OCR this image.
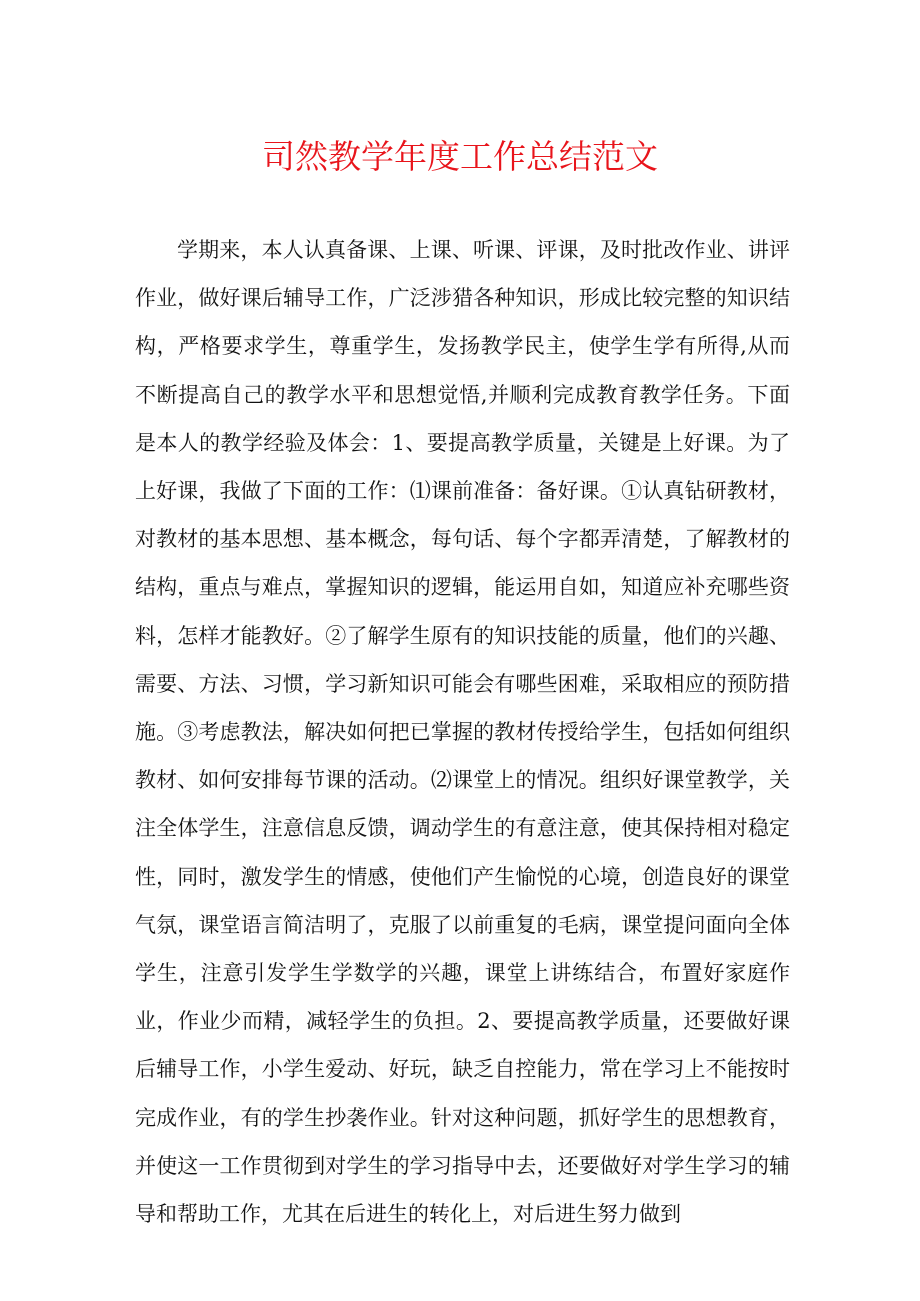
司然教学年度工作总结范文

学期来，本人认真备课、上课、听课、评课，及时批改作业、讲评作业，做好课后辅导工作，广泛涉猎各种知识，形成比较完整的知识结构，严格要求学生，尊重学生，发扬教学民主，使学生学有所得,从而不断提高自己的教学水平和思想觉悟,并顺利完成教育教学任务。下面是本人的教学经验及体会：1、要提高教学质量，关键是上好课。为了上好课，我做了下面的工作：⑴课前准备：备好课。①认真钻研教材，对教材的基本思想、基本概念，每句话、每个字都弄清楚，了解教材的结构，重点与难点，掌握知识的逻辑，能运用自如，知道应补充哪些资料，怎样才能教好。②了解学生原有的知识技能的质量，他们的兴趣、需要、方法、习惯，学习新知识可能会有哪些困难，采取相应的预防措施。③考虑教法，解决如何把已掌握的教材传授给学生，包括如何组织教材、如何安排每节课的活动。⑵课堂上的情况。组织好课堂教学，关注全体学生，注意信息反馈，调动学生的有意注意，使其保持相对稳定性，同时，激发学生的情感，使他们产生愉悦的心境，创造良好的课堂气氛，课堂语言简洁明了，克服了以前重复的毛病，课堂提问面向全体学生，注意引发学生学数学的兴趣，课堂上讲练结合，布置好家庭作业，作业少而精，减轻学生的负担。2、要提高教学质量，还要做好课后辅导工作，小学生爱动、好玩，缺乏自控能力，常在学习上不能按时完成作业，有的学生抄袭作业。针对这种问题，抓好学生的思想教育，并使这一工作贯彻到对学生的学习指导中去，还要做好对学生学习的辅导和帮助工作，尤其在后进生的转化上，对后进生努力做到
